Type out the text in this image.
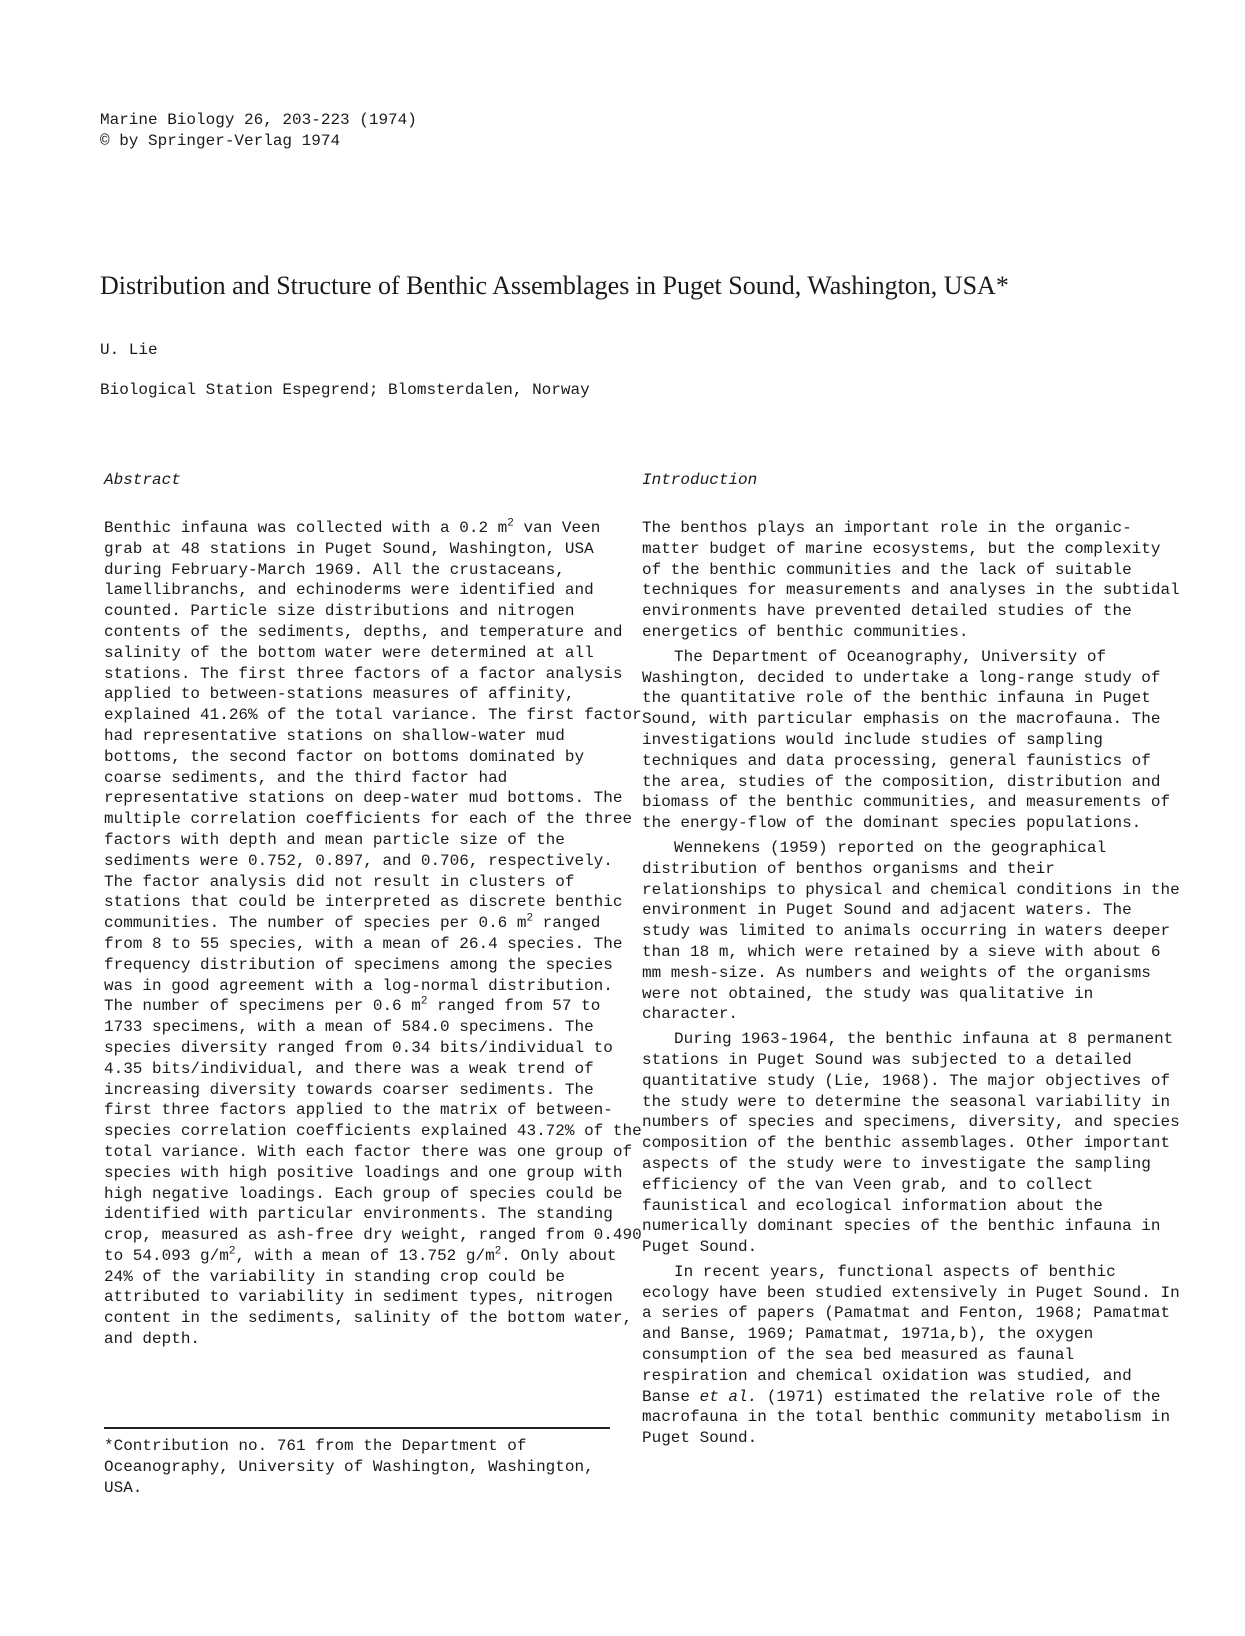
Marine Biology 26, 203-223 (1974)
© by Springer-Verlag 1974
Distribution and Structure of Benthic Assemblages in Puget Sound, Washington, USA*
U. Lie
Biological Station Espegrend; Blomsterdalen, Norway

Abstract

Benthic infauna was collected with a 0.2 $m^2$ van Veen grab at 48 stations in Puget Sound, Washington, USA during February-March 1969. All the crustaceans, lamellibranchs, and echinoderms were identified and counted. Particle size distributions and nitrogen contents of the sediments, depths, and temperature and salinity of the bottom water were determined at all stations. The first three factors of a factor analysis applied to between-stations measures of affinity, explained 41.26% of the total variance. The first factor had representative stations on shallow-water mud bottoms, the second factor on bottoms dominated by coarse sediments, and the third factor had representative stations on deep-water mud bottoms. The multiple correlation coefficients for each of the three factors with depth and mean particle size of the sediments were 0.752, 0.897, and 0.706, respectively. The factor analysis did not result in clusters of stations that could be interpreted as discrete benthic communities. The number of species per 0.6 $m^2$ ranged from 8 to 55 species, with a mean of 26.4 species. The frequency distribution of specimens among the species was in good agreement with a log-normal distribution. The number of specimens per 0.6 $m^2$ ranged from 57 to 1733 specimens, with a mean of 584.0 specimens. The species diversity ranged from 0.34 bits/individual to 4.35 bits/individual, and there was a weak trend of increasing diversity towards coarser sediments. The first three factors applied to the matrix of between-species correlation coefficients explained 43.72% of the total variance. With each factor there was one group of species with high positive loadings and one group with high negative loadings. Each group of species could be identified with particular environments. The standing crop, measured as ash-free dry weight, ranged from 0.490 to 54.093 $g/m^2$, with a mean of 13.752 $g/m^2$. Only about 24% of the variability in standing crop could be attributed to variability in sediment types, nitrogen content in the sediments, salinity of the bottom water, and depth.

*Contribution no. 761 from the Department of Oceanography, University of Washington, Washington, USA.

Introduction

The benthos plays an important role in the organic-matter budget of marine ecosystems, but the complexity of the benthic communities and the lack of suitable techniques for measurements and analyses in the subtidal environments have prevented detailed studies of the energetics of benthic communities.

The Department of Oceanography, University of Washington, decided to undertake a long-range study of the quantitative role of the benthic infauna in Puget Sound, with particular emphasis on the macrofauna. The investigations would include studies of sampling techniques and data processing, general faunistics of the area, studies of the composition, distribution and biomass of the benthic communities, and measurements of the energy-flow of the dominant species populations.

Wennekens (1959) reported on the geographical distribution of benthos organisms and their relationships to physical and chemical conditions in the environment in Puget Sound and adjacent waters. The study was limited to animals occurring in waters deeper than 18 m, which were retained by a sieve with about 6 mm mesh-size. As numbers and weights of the organisms were not obtained, the study was qualitative in character.

During 1963-1964, the benthic infauna at 8 permanent stations in Puget Sound was subjected to a detailed quantitative study (Lie, 1968). The major objectives of the study were to determine the seasonal variability in numbers of species and specimens, diversity, and species composition of the benthic assemblages. Other important aspects of the study were to investigate the sampling efficiency of the van Veen grab, and to collect faunistical and ecological information about the numerically dominant species of the benthic infauna in Puget Sound.

In recent years, functional aspects of benthic ecology have been studied extensively in Puget Sound. In a series of papers (Pamatmat and Fenton, 1968; Pamatmat and Banse, 1969; Pamatmat, 1971a,b), the oxygen consumption of the sea bed measured as faunal respiration and chemical oxidation was studied, and Banse et al. (1971) estimated the relative role of the macrofauna in the total benthic community metabolism in Puget Sound.
